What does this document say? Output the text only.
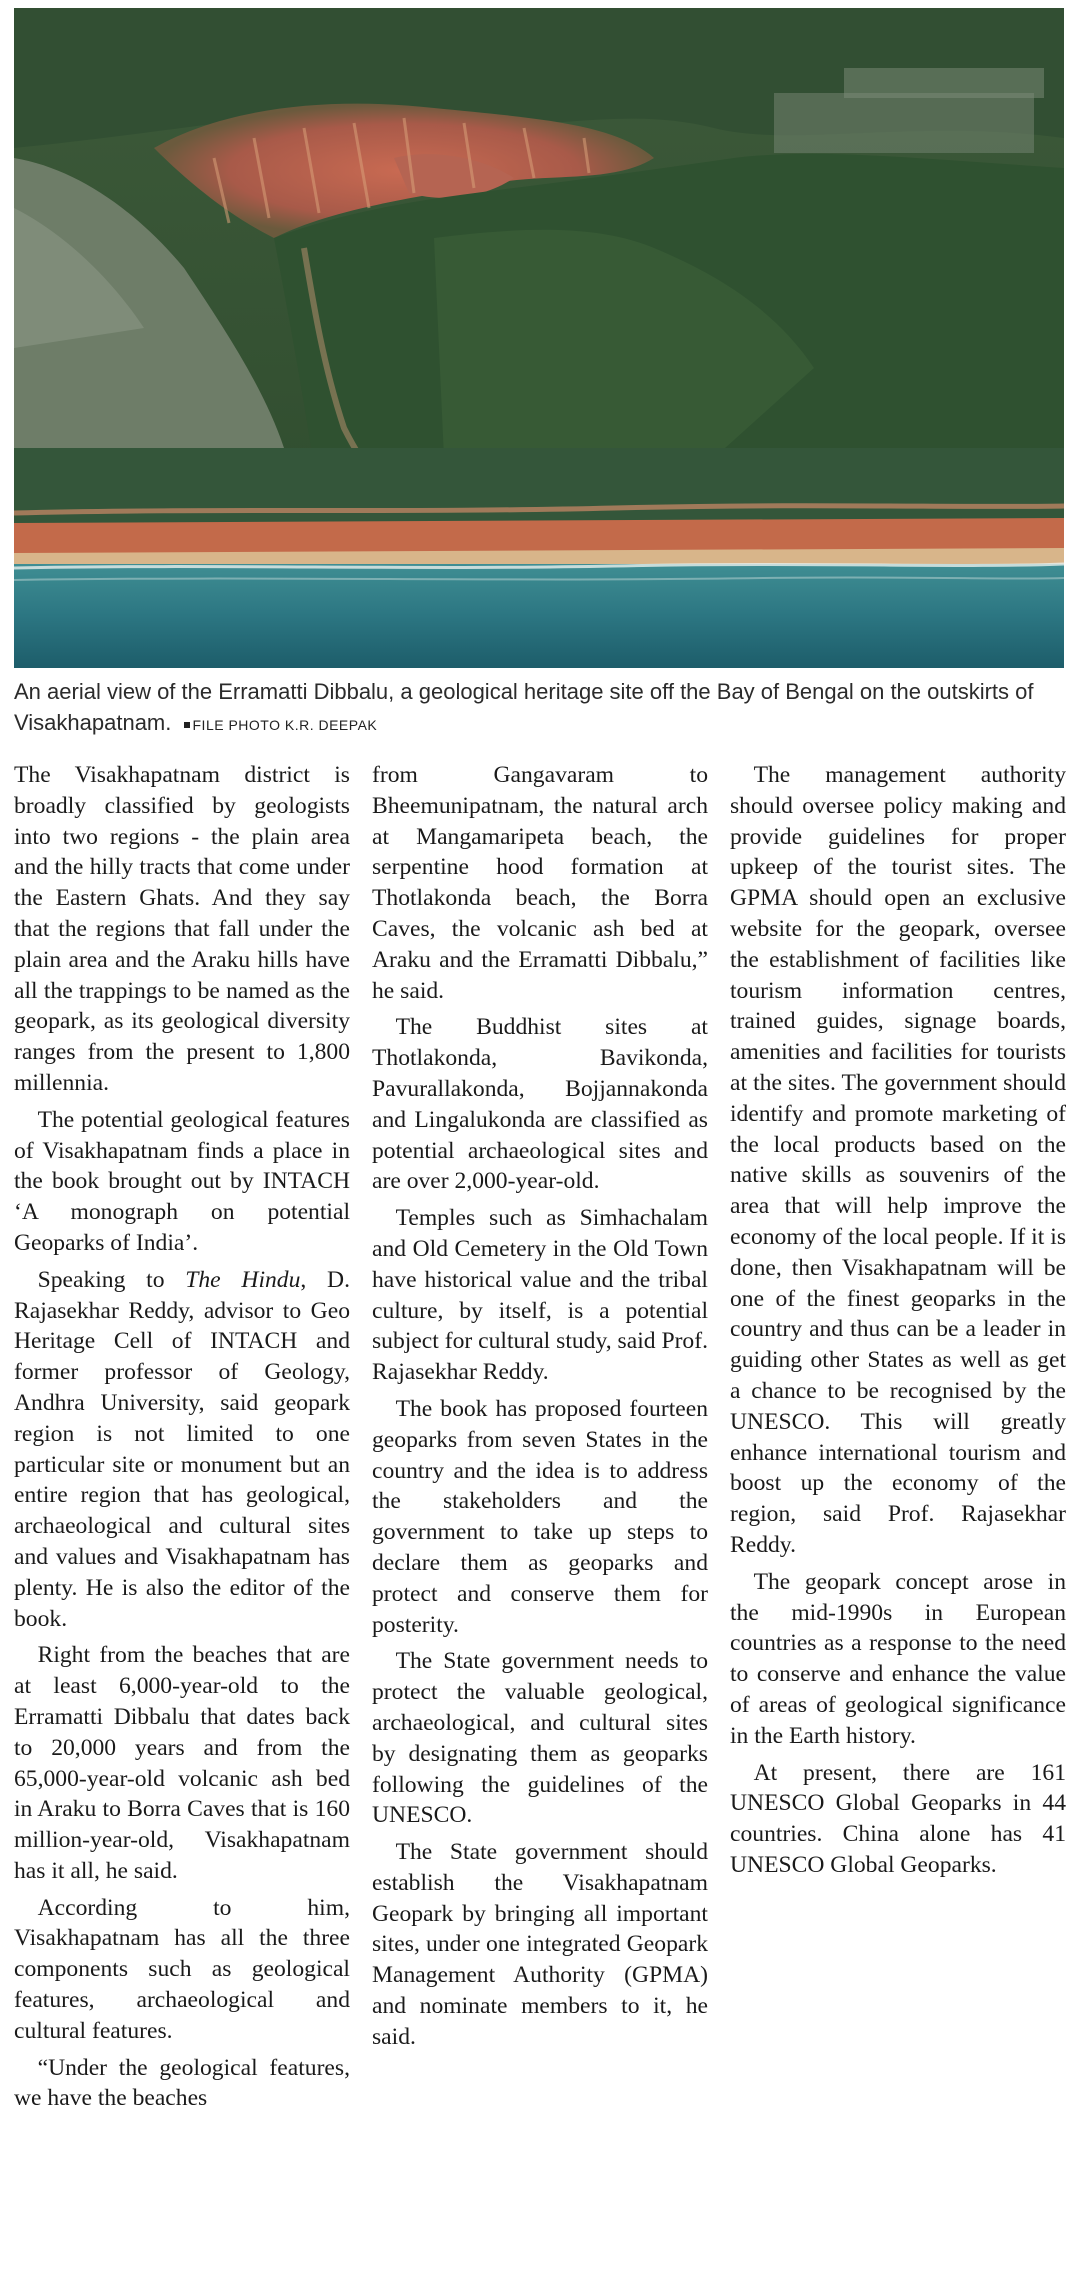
An aerial view of the Erramatti Dibbalu, a geological heritage site off the Bay of Bengal on the outskirts of Visakhapatnam. FILE PHOTO K.R. DEEPAK

The Visakhapatnam district is broadly classified by geologists into two regions - the plain area and the hilly tracts that come under the Eastern Ghats. And they say that the regions that fall under the plain area and the Araku hills have all the trappings to be named as the geopark, as its geological diversity ranges from the present to 1,800 millennia.

The potential geological features of Visakhapatnam finds a place in the book brought out by INTACH ‘A monograph on potential Geoparks of India’.

Speaking to The Hindu, D. Rajasekhar Reddy, advisor to Geo Heritage Cell of INTACH and former professor of Geology, Andhra University, said geopark region is not limited to one particular site or monument but an entire region that has geological, archaeological and cultural sites and values and Visakhapatnam has plenty. He is also the editor of the book.

Right from the beaches that are at least 6,000-year-old to the Erramatti Dibbalu that dates back to 20,000 years and from the 65,000-year-old volcanic ash bed in Araku to Borra Caves that is 160 million-year-old, Visakhapatnam has it all, he said.

According to him, Visakhapatnam has all the three components such as geological features, archaeological and cultural features.

“Under the geological features, we have the beaches

from Gangavaram to Bheemunipatnam, the natural arch at Mangamaripeta beach, the serpentine hood formation at Thotlakonda beach, the Borra Caves, the volcanic ash bed at Araku and the Erramatti Dibbalu,” he said.

The Buddhist sites at Thotlakonda, Bavikonda, Pavurallakonda, Bojjannakonda and Lingalukonda are classified as potential archaeological sites and are over 2,000-year-old.

Temples such as Simhachalam and Old Cemetery in the Old Town have historical value and the tribal culture, by itself, is a potential subject for cultural study, said Prof. Rajasekhar Reddy.

The book has proposed fourteen geoparks from seven States in the country and the idea is to address the stakeholders and the government to take up steps to declare them as geoparks and protect and conserve them for posterity.

The State government needs to protect the valuable geological, archaeological, and cultural sites by designating them as geoparks following the guidelines of the UNESCO.

The State government should establish the Visakhapatnam Geopark by bringing all important sites, under one integrated Geopark Management Authority (GPMA) and nominate members to it, he said.

The management authority should oversee policy making and provide guidelines for proper upkeep of the tourist sites. The GPMA should open an exclusive website for the geopark, oversee the establishment of facilities like tourism information centres, trained guides, signage boards, amenities and facilities for tourists at the sites. The government should identify and promote marketing of the local products based on the native skills as souvenirs of the area that will help improve the economy of the local people. If it is done, then Visakhapatnam will be one of the finest geoparks in the country and thus can be a leader in guiding other States as well as get a chance to be recognised by the UNESCO. This will greatly enhance international tourism and boost up the economy of the region, said Prof. Rajasekhar Reddy.

The geopark concept arose in the mid-1990s in European countries as a response to the need to conserve and enhance the value of areas of geological significance in the Earth history.

At present, there are 161 UNESCO Global Geoparks in 44 countries. China alone has 41 UNESCO Global Geoparks.
